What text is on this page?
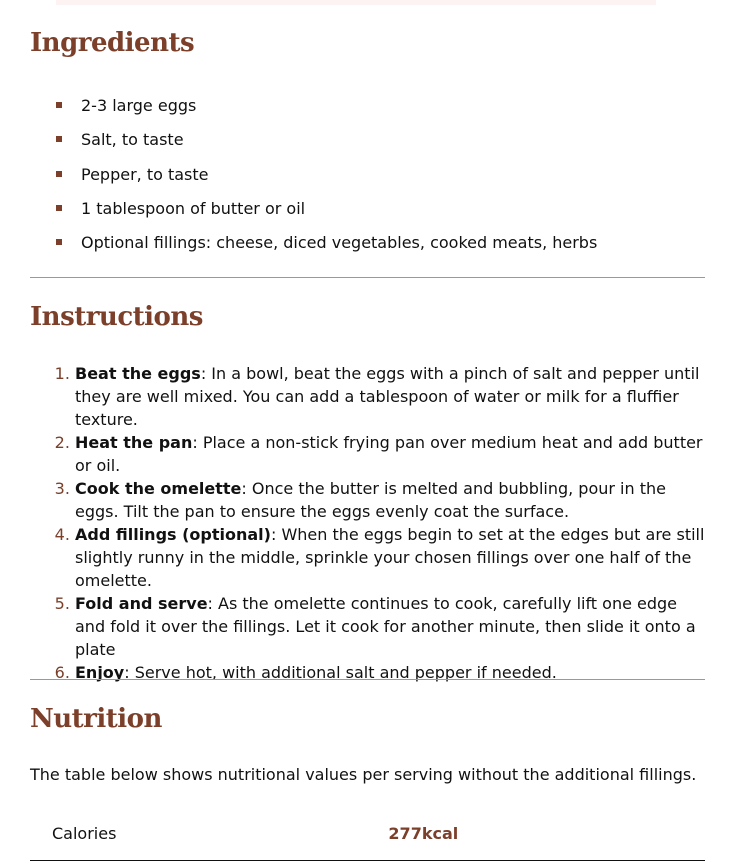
Ingredients
2-3 large eggs
Salt, to taste
Pepper, to taste
1 tablespoon of butter or oil
Optional fillings: cheese, diced vegetables, cooked meats, herbs
Instructions
1. Beat the eggs: In a bowl, beat the eggs with a pinch of salt and pepper until they are well mixed. You can add a tablespoon of water or milk for a fluffier texture.
2. Heat the pan: Place a non-stick frying pan over medium heat and add butter or oil.
3. Cook the omelette: Once the butter is melted and bubbling, pour in the eggs. Tilt the pan to ensure the eggs evenly coat the surface.
4. Add fillings (optional): When the eggs begin to set at the edges but are still slightly runny in the middle, sprinkle your chosen fillings over one half of the omelette.
5. Fold and serve: As the omelette continues to cook, carefully lift one edge and fold it over the fillings. Let it cook for another minute, then slide it onto a plate
6. Enjoy: Serve hot, with additional salt and pepper if needed.
Nutrition

The table below shows nutritional values per serving without the additional fillings.

Calories	277kcal
